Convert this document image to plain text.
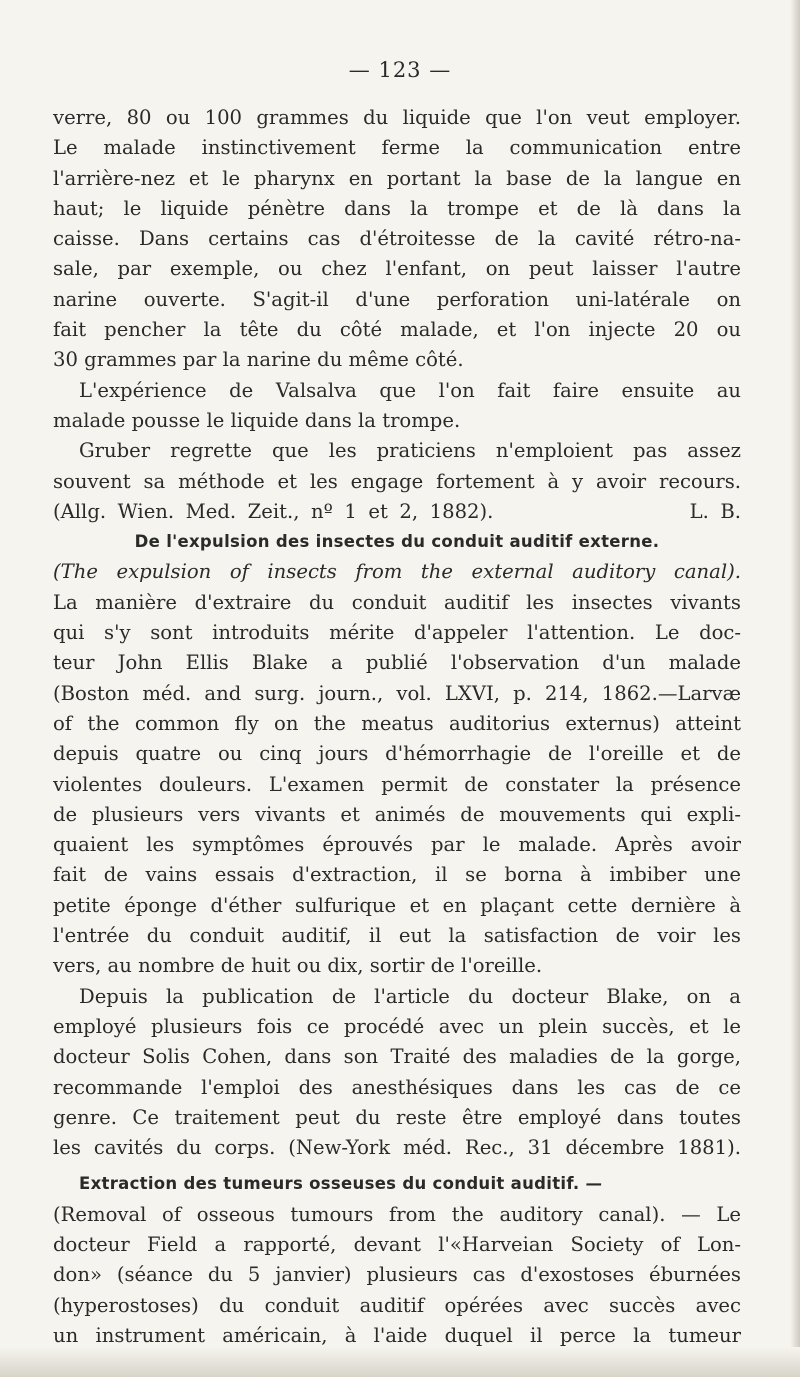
— 123 —
verre, 80 ou 100 grammes du liquide que l'on veut employer.
Le malade instinctivement ferme la communication entre
l'arrière-nez et le pharynx en portant la base de la langue en
haut; le liquide pénètre dans la trompe et de là dans la
caisse. Dans certains cas d'étroitesse de la cavité rétro-na-
sale, par exemple, ou chez l'enfant, on peut laisser l'autre
narine ouverte. S'agit-il d'une perforation uni-latérale on
fait pencher la tête du côté malade, et l'on injecte 20 ou
30 grammes par la narine du même côté.
L'expérience de Valsalva que l'on fait faire ensuite au
malade pousse le liquide dans la trompe.
Gruber regrette que les praticiens n'emploient pas assez
souvent sa méthode et les engage fortement à y avoir recours.
(Allg. Wien. Med. Zeit., nº 1 et 2, 1882).                 L. B.
De l'expulsion des insectes du conduit auditif externe.
(The expulsion of insects from the external auditory canal).
La manière d'extraire du conduit auditif les insectes vivants
qui s'y sont introduits mérite d'appeler l'attention. Le doc-
teur John Ellis Blake a publié l'observation d'un malade
(Boston méd. and surg. journ., vol. LXVI, p. 214, 1862.—Larvæ
of the common fly on the meatus auditorius externus) atteint
depuis quatre ou cinq jours d'hémorrhagie de l'oreille et de
violentes douleurs. L'examen permit de constater la présence
de plusieurs vers vivants et animés de mouvements qui expli-
quaient les symptômes éprouvés par le malade. Après avoir
fait de vains essais d'extraction, il se borna à imbiber une
petite éponge d'éther sulfurique et en plaçant cette dernière à
l'entrée du conduit auditif, il eut la satisfaction de voir les
vers, au nombre de huit ou dix, sortir de l'oreille.
Depuis la publication de l'article du docteur Blake, on a
employé plusieurs fois ce procédé avec un plein succès, et le
docteur Solis Cohen, dans son Traité des maladies de la gorge,
recommande l'emploi des anesthésiques dans les cas de ce
genre. Ce traitement peut du reste être employé dans toutes
les cavités du corps. (New-York méd. Rec., 31 décembre 1881).
Extraction des tumeurs osseuses du conduit auditif. —
(Removal of osseous tumours from the auditory canal). — Le
docteur Field a rapporté, devant l'«Harveian Society of Lon-
don» (séance du 5 janvier) plusieurs cas d'exostoses éburnées
(hyperostoses) du conduit auditif opérées avec succès avec
un instrument américain, à l'aide duquel il perce la tumeur
